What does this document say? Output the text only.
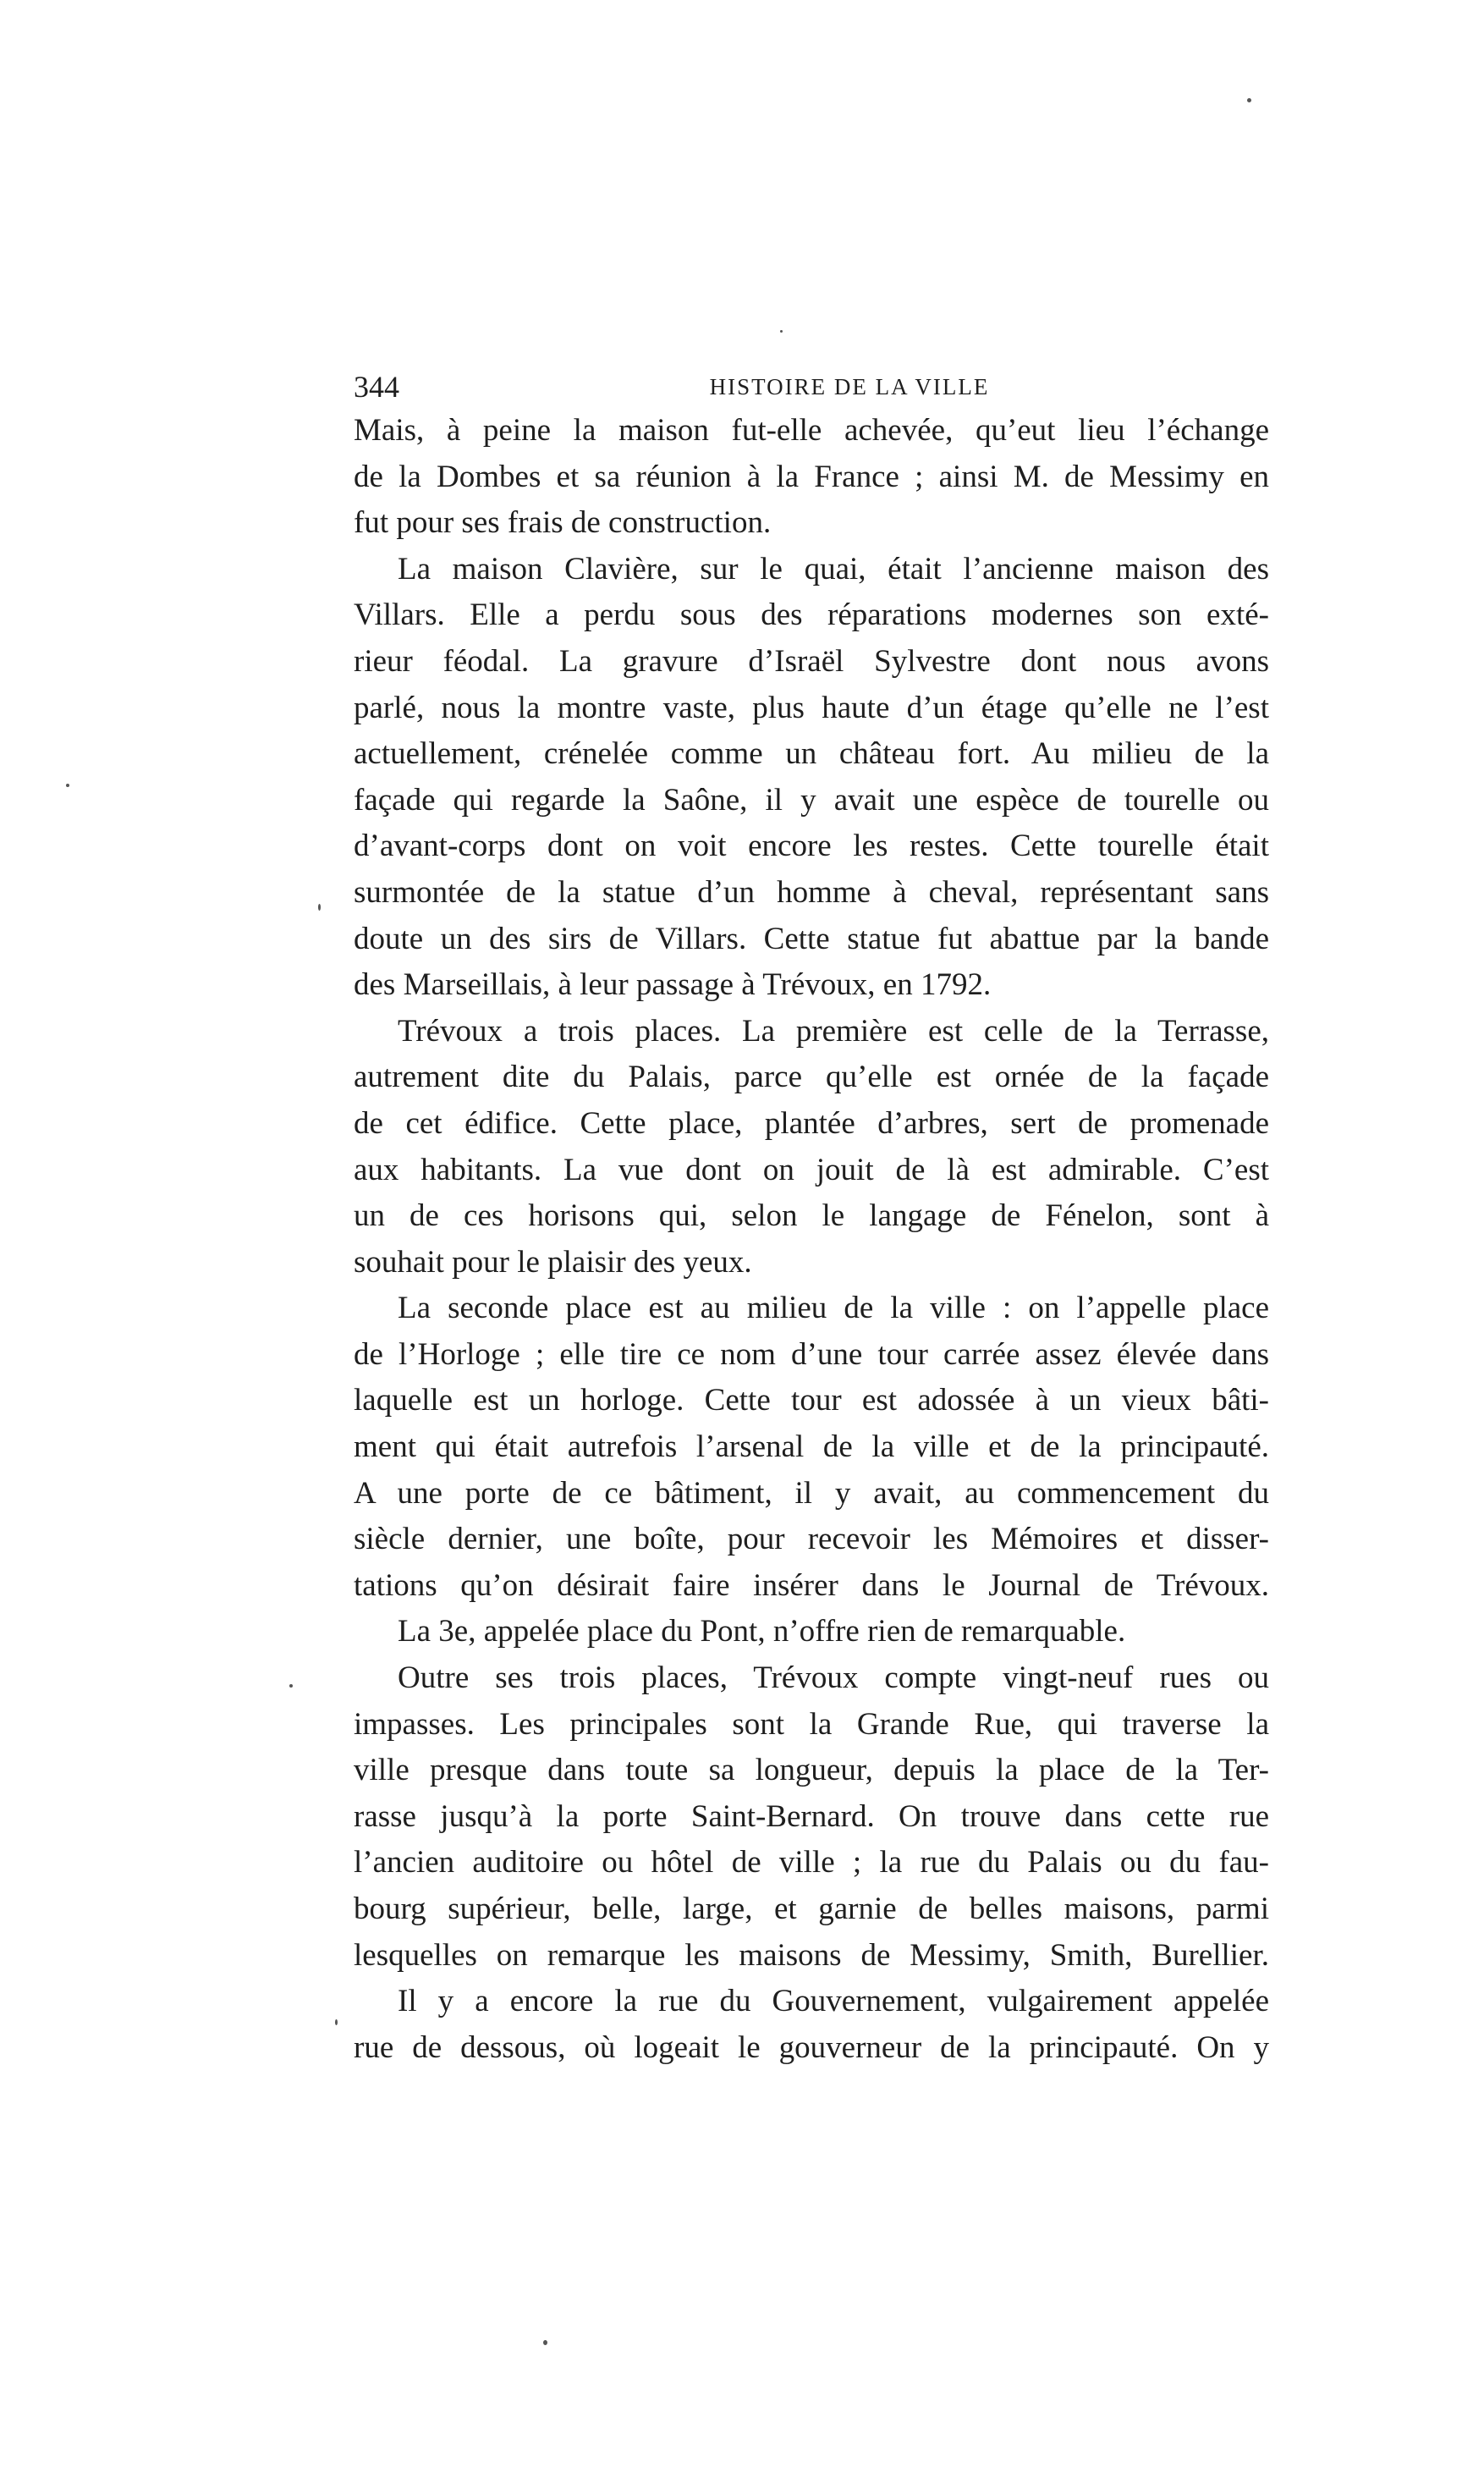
344	HISTOIRE DE LA VILLE
Mais, à peine la maison fut-elle achevée, qu’eut lieu l’échange
de la Dombes et sa réunion à la France ; ainsi M. de Messimy en
fut pour ses frais de construction.
La maison Clavière, sur le quai, était l’ancienne maison des
Villars. Elle a perdu sous des réparations modernes son exté-
rieur féodal. La gravure d’Israël Sylvestre dont nous avons
parlé, nous la montre vaste, plus haute d’un étage qu’elle ne l’est
actuellement, crénelée comme un château fort. Au milieu de la
façade qui regarde la Saône, il y avait une espèce de tourelle ou
d’avant-corps dont on voit encore les restes. Cette tourelle était
surmontée de la statue d’un homme à cheval, représentant sans
doute un des sirs de Villars. Cette statue fut abattue par la bande
des Marseillais, à leur passage à Trévoux, en 1792.
Trévoux a trois places. La première est celle de la Terrasse,
autrement dite du Palais, parce qu’elle est ornée de la façade
de cet édifice. Cette place, plantée d’arbres, sert de promenade
aux habitants. La vue dont on jouit de là est admirable. C’est
un de ces horisons qui, selon le langage de Fénelon, sont à
souhait pour le plaisir des yeux.
La seconde place est au milieu de la ville : on l’appelle place
de l’Horloge ; elle tire ce nom d’une tour carrée assez élevée dans
laquelle est un horloge. Cette tour est adossée à un vieux bâti-
ment qui était autrefois l’arsenal de la ville et de la principauté.
A une porte de ce bâtiment, il y avait, au commencement du
siècle dernier, une boîte, pour recevoir les Mémoires et disser-
tations qu’on désirait faire insérer dans le Journal de Trévoux.
La 3e, appelée place du Pont, n’offre rien de remarquable.
Outre ses trois places, Trévoux compte vingt-neuf rues ou
impasses. Les principales sont la Grande Rue, qui traverse la
ville presque dans toute sa longueur, depuis la place de la Ter-
rasse jusqu’à la porte Saint-Bernard. On trouve dans cette rue
l’ancien auditoire ou hôtel de ville ; la rue du Palais ou du fau-
bourg supérieur, belle, large, et garnie de belles maisons, parmi
lesquelles on remarque les maisons de Messimy, Smith, Burellier.
Il y a encore la rue du Gouvernement, vulgairement appelée
rue de dessous, où logeait le gouverneur de la principauté. On y
